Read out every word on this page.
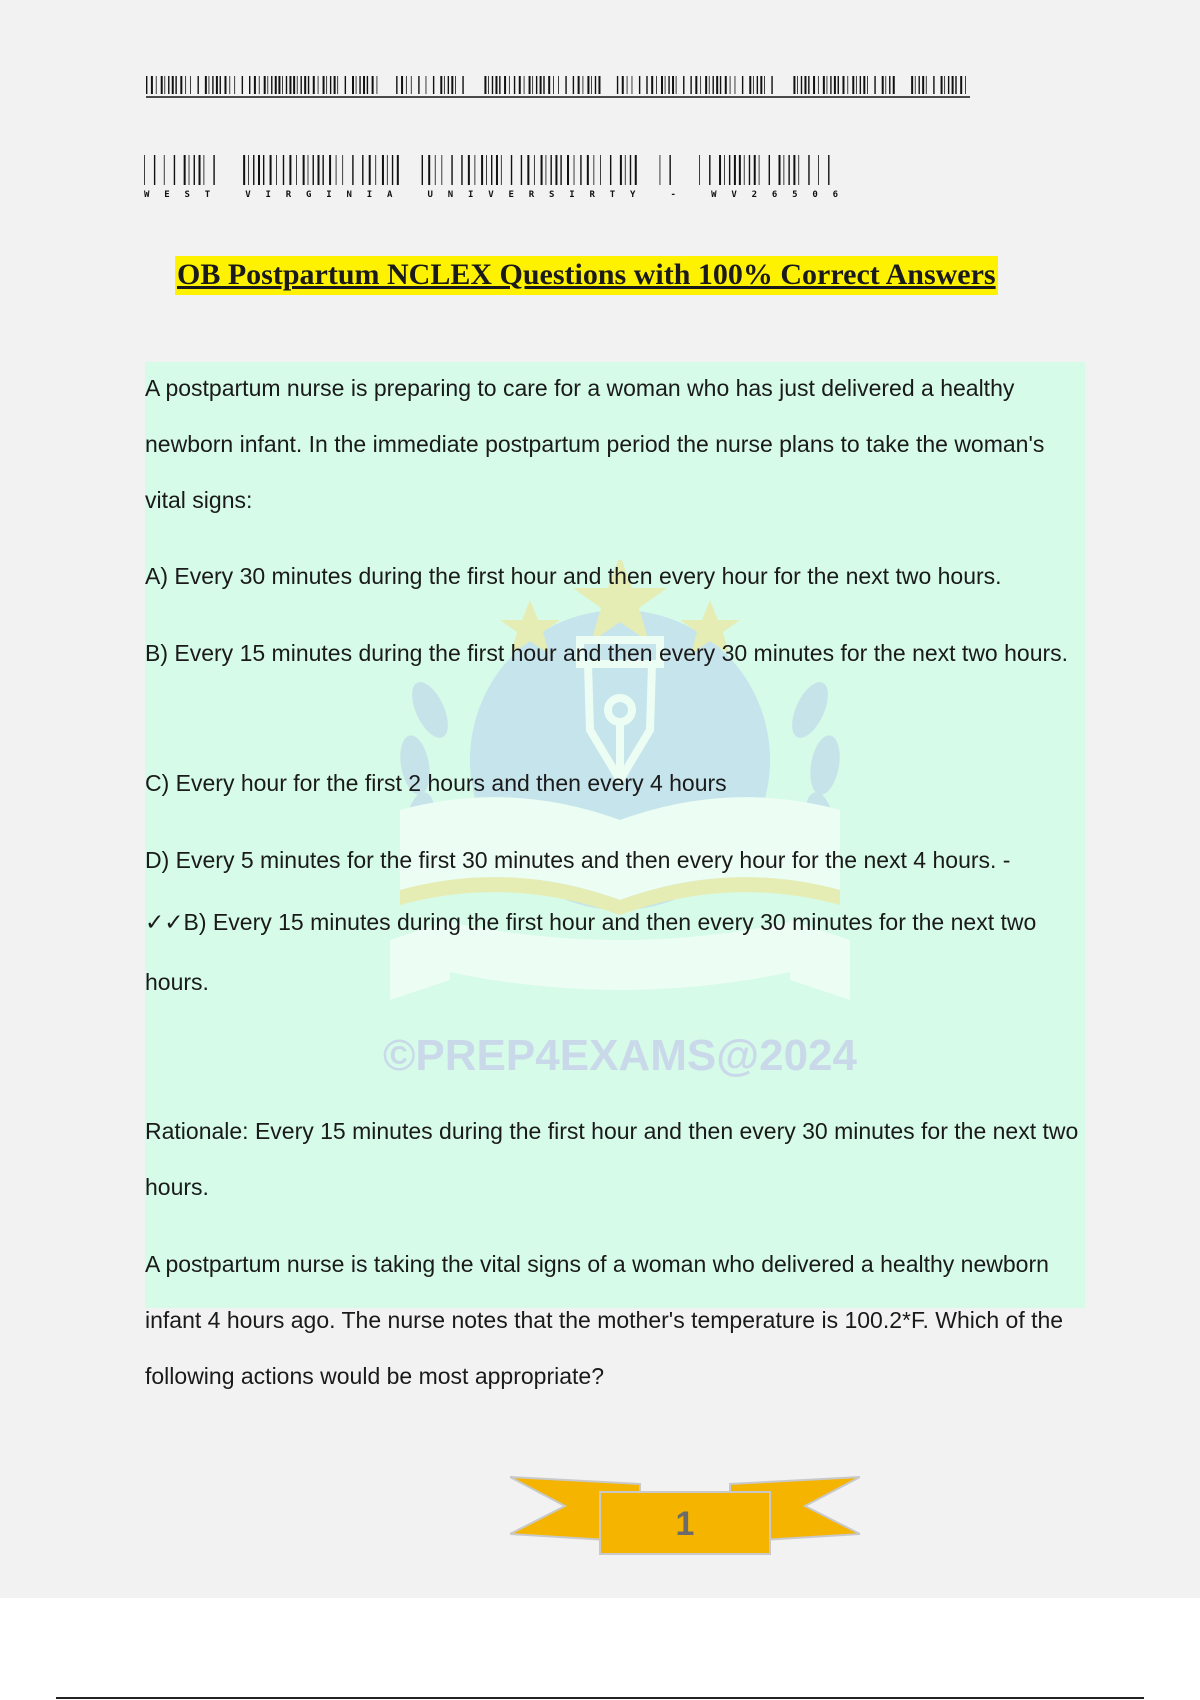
©PREP4EXAMS@2024 [WEST VIRGINIA UNIVERSITY] AUGUST, 2024
WEST VIRGINIA UNIVERSIRTY - WV26506
OB Postpartum NCLEX Questions with 100% Correct Answers
©PREP4EXAMS@2024
A postpartum nurse is preparing to care for a woman who has just delivered a healthy newborn infant. In the immediate postpartum period the nurse plans to take the woman's vital signs:
A) Every 30 minutes during the first hour and then every hour for the next two hours.
B) Every 15 minutes during the first hour and then every 30 minutes for the next two hours.
C) Every hour for the first 2 hours and then every 4 hours
D) Every 5 minutes for the first 30 minutes and then every hour for the next 4 hours. -
✓✓B) Every 15 minutes during the first hour and then every 30 minutes for the next two hours.
Rationale: Every 15 minutes during the first hour and then every 30 minutes for the next two hours.
A postpartum nurse is taking the vital signs of a woman who delivered a healthy newborn infant 4 hours ago. The nurse notes that the mother's temperature is 100.2*F. Which of the following actions would be most appropriate?
1
